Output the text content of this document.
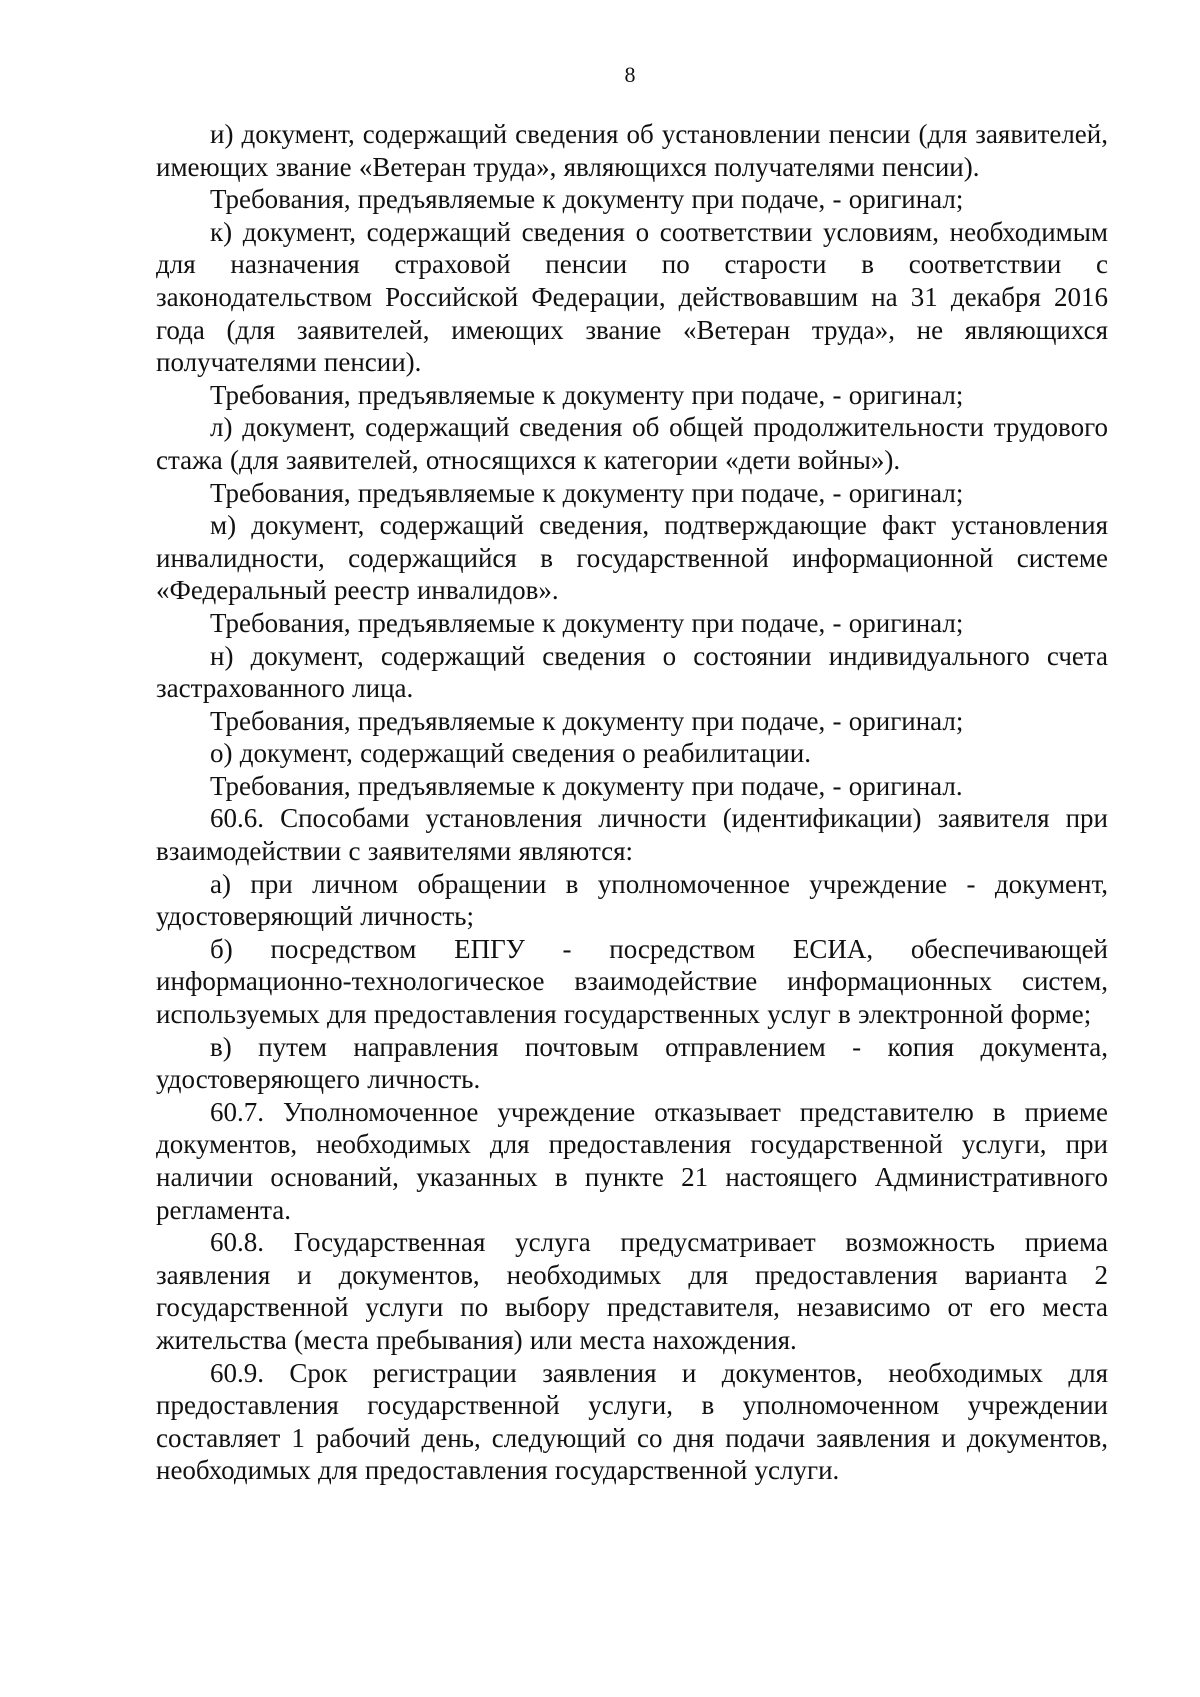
8

и) документ, содержащий сведения об установлении пенсии (для заявителей, имеющих звание «Ветеран труда», являющихся получателями пенсии).

Требования, предъявляемые к документу при подаче, - оригинал;

к) документ, содержащий сведения о соответствии условиям, необходимым для назначения страховой пенсии по старости в соответствии с законодательством Российской Федерации, действовавшим на 31 декабря 2016 года (для заявителей, имеющих звание «Ветеран труда», не являющихся получателями пенсии).

Требования, предъявляемые к документу при подаче, - оригинал;

л) документ, содержащий сведения об общей продолжительности трудового стажа (для заявителей, относящихся к категории «дети войны»).

Требования, предъявляемые к документу при подаче, - оригинал;

м) документ, содержащий сведения, подтверждающие факт установления инвалидности, содержащийся в государственной информационной системе «Федеральный реестр инвалидов».

Требования, предъявляемые к документу при подаче, - оригинал;

н) документ, содержащий сведения о состоянии индивидуального счета застрахованного лица.

Требования, предъявляемые к документу при подаче, - оригинал;

о) документ, содержащий сведения о реабилитации.

Требования, предъявляемые к документу при подаче, - оригинал.

60.6. Способами установления личности (идентификации) заявителя при взаимодействии с заявителями являются:

а) при личном обращении в уполномоченное учреждение - документ, удостоверяющий личность;

б) посредством ЕПГУ - посредством ЕСИА, обеспечивающей информационно-технологическое взаимодействие информационных систем, используемых для предоставления государственных услуг в электронной форме;

в) путем направления почтовым отправлением - копия документа, удостоверяющего личность.

60.7. Уполномоченное учреждение отказывает представителю в приеме документов, необходимых для предоставления государственной услуги, при наличии оснований, указанных в пункте 21 настоящего Административного регламента.

60.8. Государственная услуга предусматривает возможность приема заявления и документов, необходимых для предоставления варианта 2 государственной услуги по выбору представителя, независимо от его места жительства (места пребывания) или места нахождения.

60.9. Срок регистрации заявления и документов, необходимых для предоставления государственной услуги, в уполномоченном учреждении составляет 1 рабочий день, следующий со дня подачи заявления и документов, необходимых для предоставления государственной услуги.
